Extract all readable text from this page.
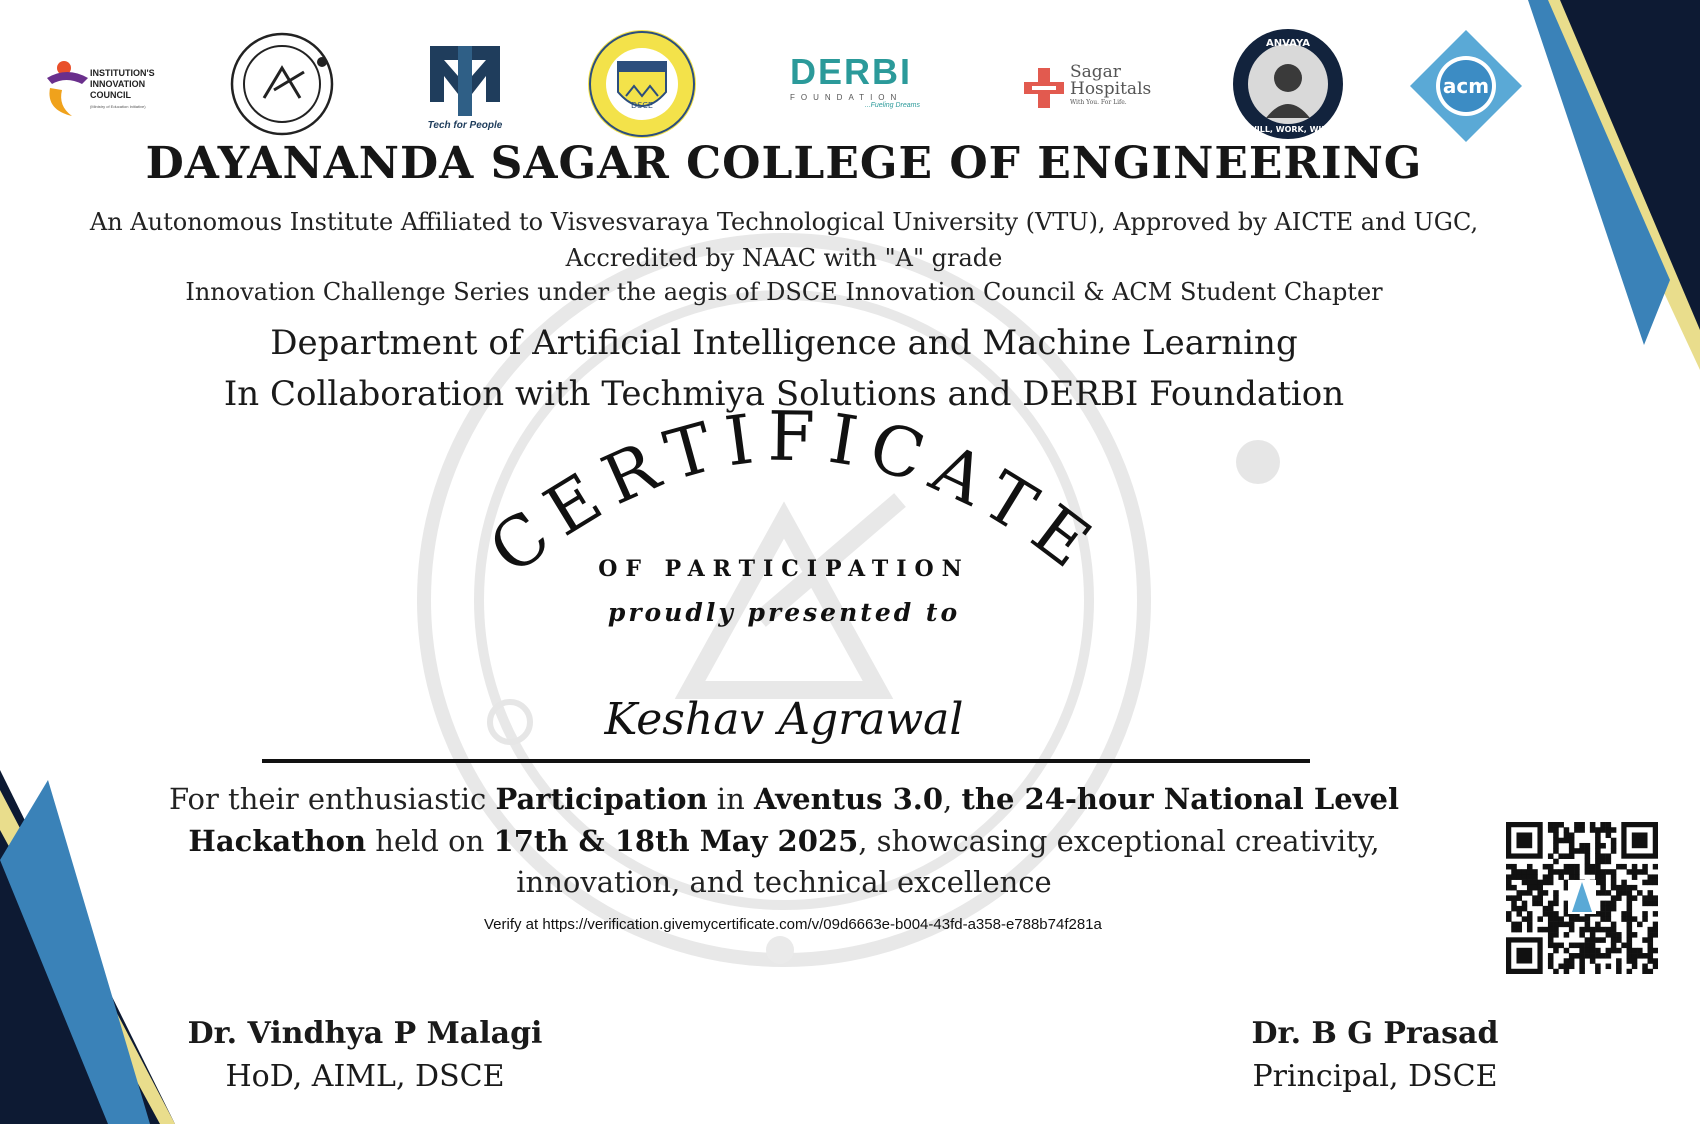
CERTIFICATE
INSTITUTION'S
INNOVATION
COUNCIL
(Ministry of Education Initiative)
Tech for People
DSCE
DERBI
FOUNDATION
...Fueling Dreams
Sagar
Hospitals
With You. For Life.
ANVAYA
WILL, WORK, WIN
acm
DAYANANDA SAGAR COLLEGE OF ENGINEERING
An Autonomous Institute Affiliated to Visvesvaraya Technological University (VTU), Approved by AICTE and UGC,
Accredited by NAAC with "A" grade
Innovation Challenge Series under the aegis of DSCE Innovation Council & ACM Student Chapter
Department of Artificial Intelligence and Machine Learning
In Collaboration with Techmiya Solutions and DERBI Foundation
OF PARTICIPATION
proudly presented to
Keshav Agrawal
For their enthusiastic Participation in Aventus 3.0, the 24-hour National Level
Hackathon held on 17th & 18th May 2025, showcasing exceptional creativity,
innovation, and technical excellence
Verify at https://verification.givemycertificate.com/v/09d6663e-b004-43fd-a358-e788b74f281a
Dr. Vindhya P Malagi
HoD, AIML, DSCE
Dr. B G Prasad
Principal, DSCE
